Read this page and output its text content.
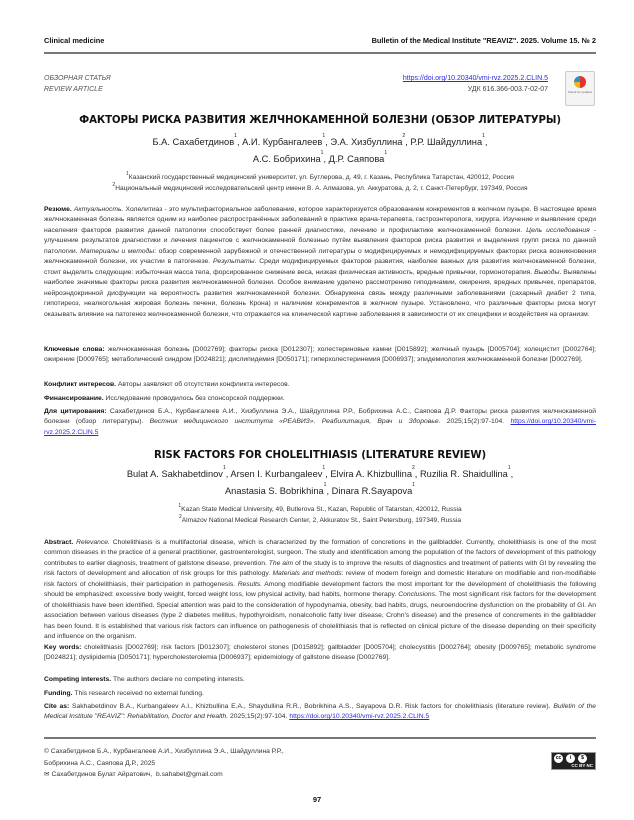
Clinical medicine	Bulletin of the Medical Institute "REAVIZ". 2025. Volume 15. № 2
ОБЗОРНАЯ СТАТЬЯ
REVIEW ARTICLE
https://doi.org/10.20340/vmi-rvz.2025.2.CLIN.5
УДК 616.366-003.7-02-07	Check for updates
ФАКТОРЫ РИСКА РАЗВИТИЯ ЖЕЛЧНОКАМЕННОЙ БОЛЕЗНИ (ОБЗОР ЛИТЕРАТУРЫ)
Б.А. Сахабетдинов$^1$, А.И. Курбангалеев$^1$, Э.А. Хизбуллина$^2$, Р.Р. Шайдуллина$^1$,
А.С. Бобрихина$^1$, Д.Р. Саяпова$^1$
$^1$Казанский государственный медицинский университет, ул. Бутлерова, д. 49, г. Казань, Республика Татарстан, 420012, Россия
$^2$Национальный медицинский исследовательский центр имени В. А. Алмазова, ул. Аккуратова, д. 2, г. Санкт-Петербург, 197349, Россия
Резюме. Актуальность. Холелитиаз - это мультифакториальное заболевание, которое характеризуется образованием конкрементов в желчном пузыре. В настоящее время желчнокаменная болезнь является одним из наиболее распространённых заболеваний в практике врача-терапевта, гастроэнтеролога, хирурга. Изучение и выявление среди населения факторов развития данной патологии способствует более ранней диагностике, лечению и профилактике желчнокаменной болезни. Цель исследования - улучшение результатов диагностики и лечения пациентов с желчнокаменной болезнью путём выявления факторов риска развития и выделения групп риска по данной патологии. Материалы и методы: обзор современной зарубежной и отечественной литературы о модифицируемых и немодифицируемых факторах риска возникновения желчнокаменной болезни, их участии в патогенезе. Результаты. Среди модифицируемых факторов развития, наиболее важных для развития желчнокаменной болезни, стоит выделить следующие: избыточная масса тела, форсированное снижение веса, низкая физическая активность, вредные привычки, гормонотерапия. Выводы. Выявлены наиболее значимые факторы риска развития желчнокаменной болезни. Особое внимание уделено рассмотрению гиподинамии, ожирения, вредных привычек, препаратов, нейроэндокринной дисфункции на вероятность развития желчнокаменной болезни. Обнаружена связь между различными заболеваниями (сахарный диабет 2 типа, гипотиреоз, неалкогольная жировая болезнь печени, болезнь Крона) и наличием конкрементов в желчном пузыре. Установлено, что различные факторы риска могут оказывать влияние на патогенез желчнокаменной болезни, что отражается на клинической картине заболевания в зависимости от их специфики и воздействия на организм.
Ключевые слова: желчнокаменная болезнь [D002769]; факторы риска [D012307]; холестериновые камни [D015892]; желчный пузырь [D005704]; холецистит [D002764]; ожирение [D009765]; метаболический синдром [D024821]; дислипидемия [D050171]; гиперхолестеринемия [D006937]; эпидемиология желчнокаменной болезни [D002769].
Конфликт интересов. Авторы заявляют об отсутствии конфликта интересов.
Финансирование. Исследование проводилось без спонсорской поддержки.
Для цитирования: Сахабетдинов Б.А., Курбангалеев А.И., Хизбуллина Э.А., Шайдуллина Р.Р., Бобрихина А.С., Саяпова Д.Р. Факторы риска развития желчнокаменной болезни (обзор литературы). Вестник медицинского института «РЕАВИЗ». Реабилитация, Врач и Здоровье. 2025;15(2):97-104. https://doi.org/10.20340/vmi-rvz.2025.2.CLIN.5
RISK FACTORS FOR CHOLELITHIASIS (LITERATURE REVIEW)
Bulat A. Sakhabetdinov$^1$, Arsen I. Kurbangaleev$^1$, Elvira A. Khizbullina$^2$, Ruzilia R. Shaidullina$^1$,
Anastasia S. Bobrikhina$^1$, Dinara R.Sayapova$^1$
$^1$Kazan State Medical University, 49, Butlerova St., Kazan, Republic of Tatarstan, 420012, Russia
$^2$Almazov National Medical Research Center, 2, Akkuratov St., Saint Petersburg, 197349, Russia
Abstract. Relevance. Cholelithiasis is a multifactorial disease, which is characterized by the formation of concretions in the gallbladder. Currently, cholelithiasis is one of the most common diseases in the practice of a general practitioner, gastroenterologist, surgeon. The study and identification among the population of the factors of development of this pathology contributes to earlier diagnosis, treatment of gallstone disease, prevention. The aim of the study is to improve the results of diagnostics and treatment of patients with GI by revealing the risk factors of development and allocation of risk groups for this pathology. Materials and methods: review of modern foreign and domestic literature on modifiable and non-modifiable risk factors of cholelithiasis, their participation in pathogenesis. Results. Among modifiable development factors the most important for the development of cholelithiasis the following should be emphasized: excessive body weight, forced weight loss, low physical activity, bad habits, hormone therapy. Conclusions. The most significant risk factors for the development of cholelithiasis have been identified. Special attention was paid to the consideration of hypodynamia, obesity, bad habits, drugs, neuroendocrine dysfunction on the probability of GI. An association between various diseases (type 2 diabetes mellitus, hypothyroidism, nonalcoholic fatty liver disease, Crohn's disease) and the presence of concrements in the gallbladder has been found. It is established that various risk factors can influence on pathogenesis of cholelithiasis that is reflected on clinical picture of the disease depending on their specificity and influence on the organism.
Key words: cholelithiasis [D002769]; risk factors [D012307]; cholesterol stones [D015892]; gallbladder [D005704]; cholecystitis [D002764]; obesity [D009765]; metabolic syndrome [D024821]; dyslipidemia [D050171]; hypercholesterolemia [D006937]; epidemiology of gallstone disease [D002769].
Competing interests. The authors declare no competing interests.
Funding. This research received no external funding.
Cite as: Sakhabetdinov B.A., Kurbangaleev A.I., Khizbullina E.A., Shaydullina R.R., Bobrikhina A.S., Sayapova D.R. Risk factors for cholelithiasis (literature review). Bulletin of the Medical Institute "REAVIZ": Rehabilitation, Doctor and Health. 2025;15(2):97-104. https://doi.org/10.20340/vmi-rvz.2025.2.CLIN.5
© Сахабетдинов Б.А., Курбангалеев А.И., Хизбуллина Э.А., Шайдуллина Р.Р.,
Бобрихина А.С., Саяпова Д.Р., 2025
✉ Сахабетдинов Булат Айратович, b.sahabet@gmail.com
cc	i	$
CC BY NC
97
